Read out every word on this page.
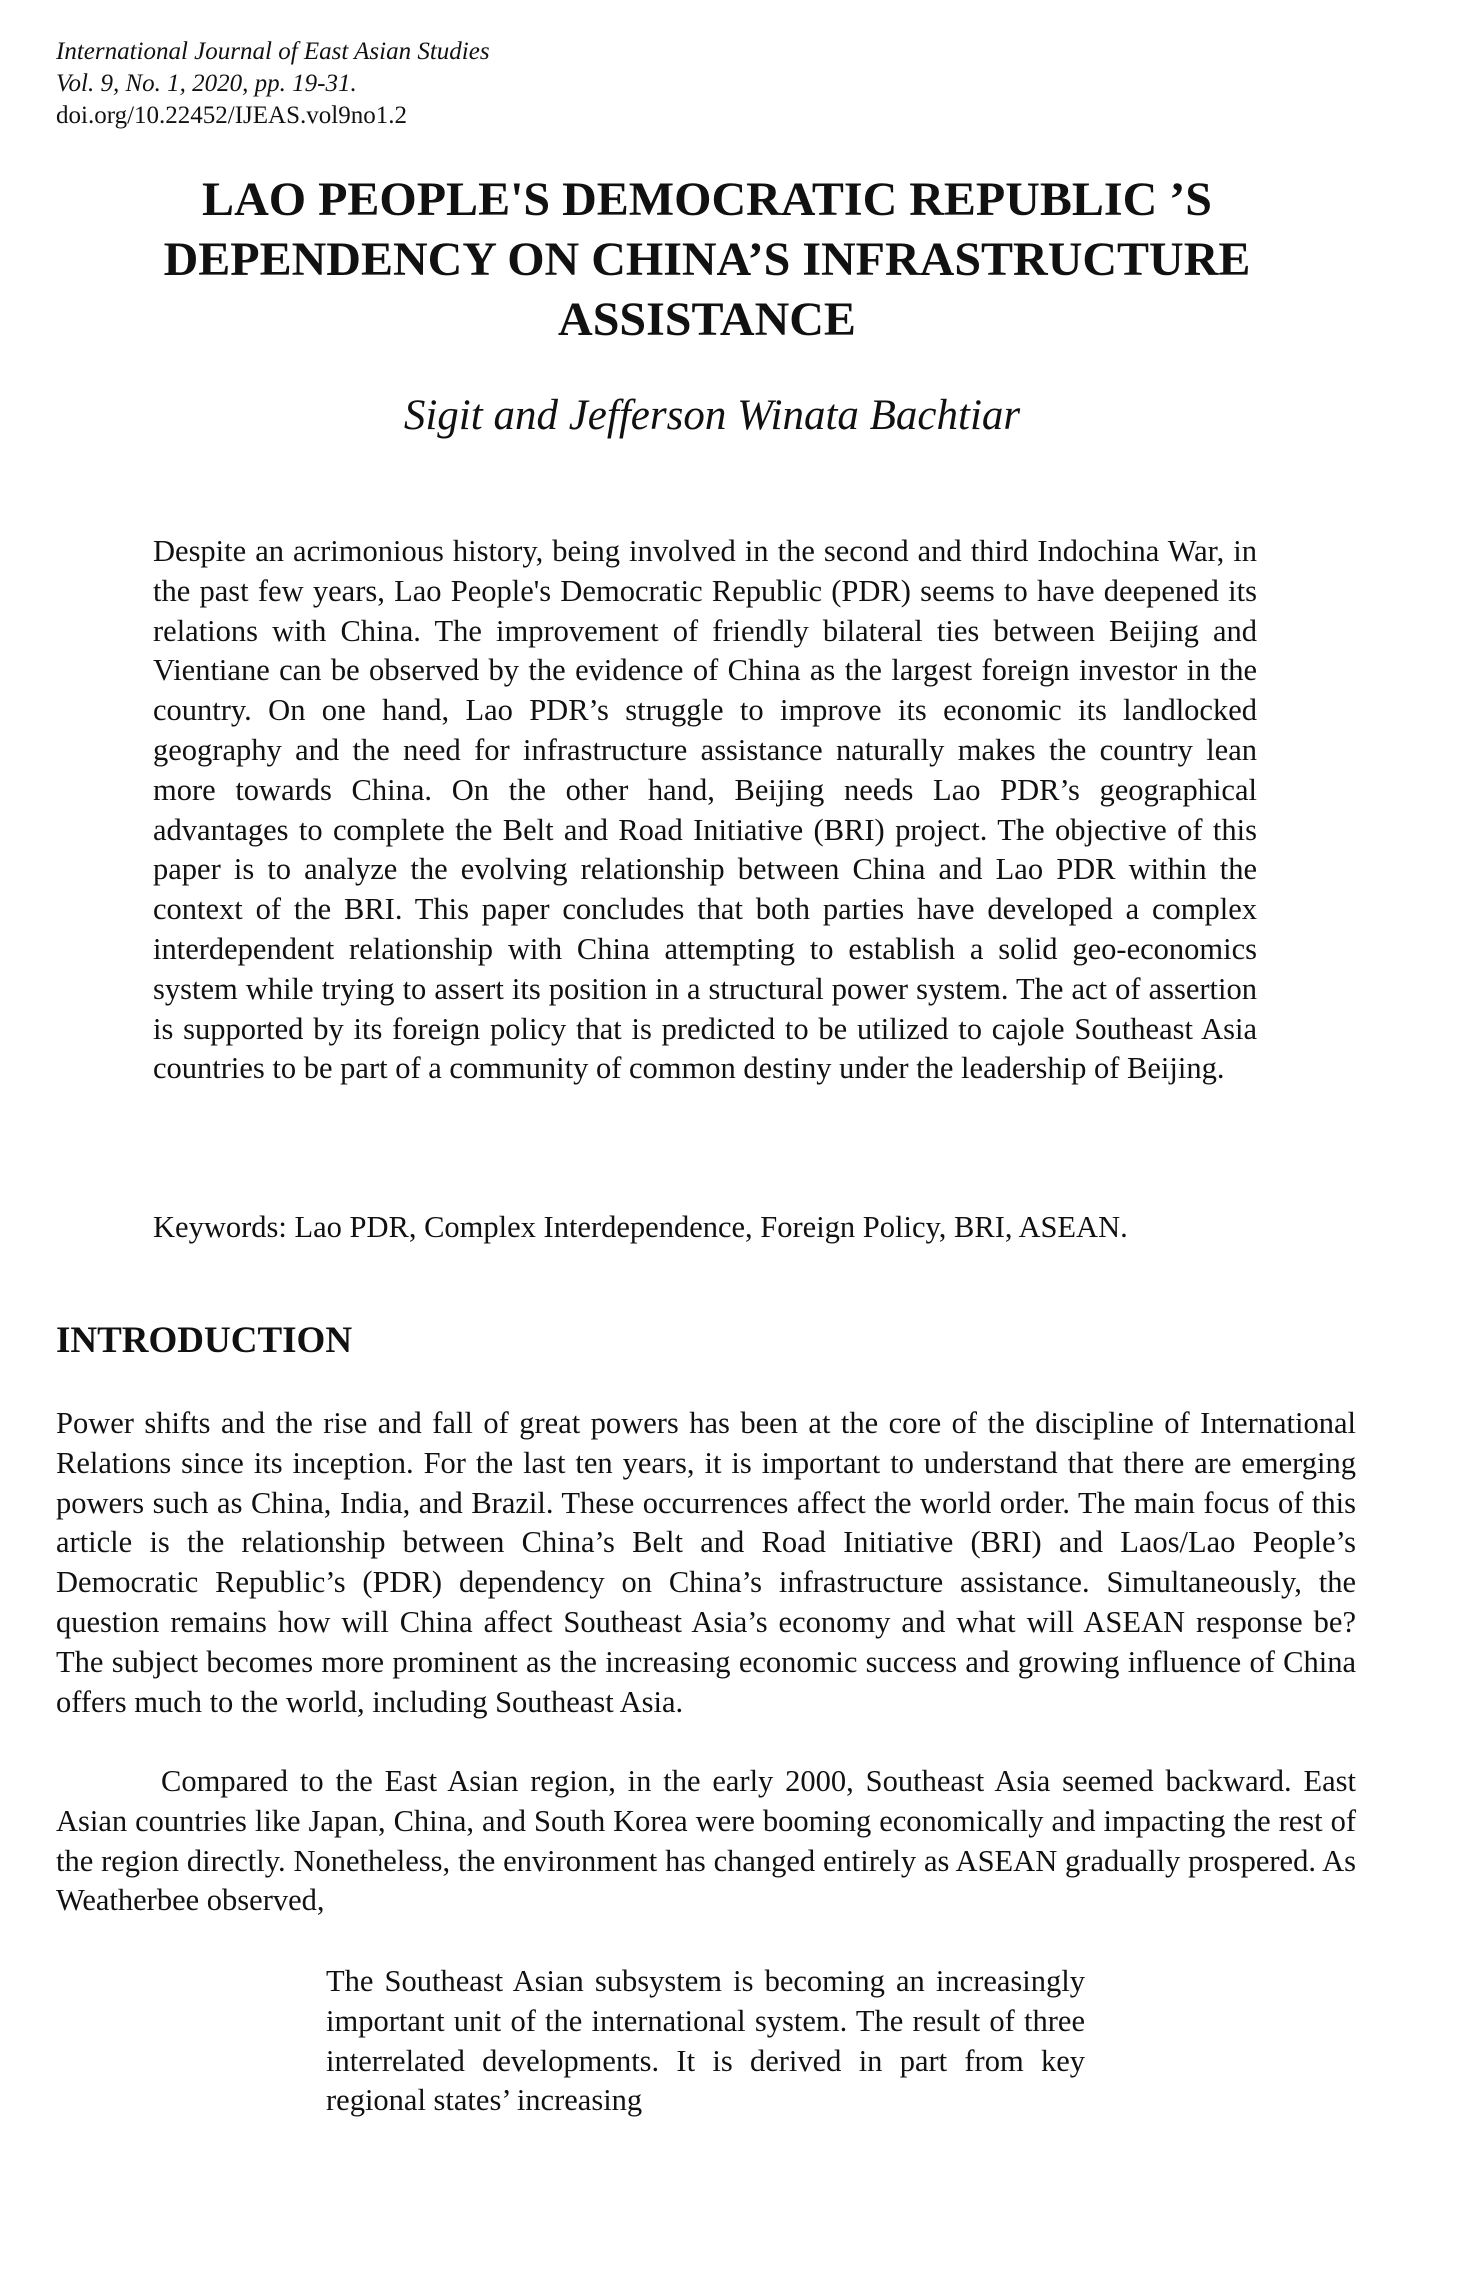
International Journal of East Asian Studies
Vol. 9, No. 1, 2020, pp. 19-31.
doi.org/10.22452/IJEAS.vol9no1.2
LAO PEOPLE'S DEMOCRATIC REPUBLIC ’S
DEPENDENCY ON CHINA’S INFRASTRUCTURE
ASSISTANCE
Sigit and Jefferson Winata Bachtiar

Despite an acrimonious history, being involved in the second and third Indochina War, in the past few years, Lao People's Democratic Republic (PDR) seems to have deepened its relations with China. The improvement of friendly bilateral ties between Beijing and Vientiane can be observed by the evidence of China as the largest foreign investor in the country. On one hand, Lao PDR’s struggle to improve its economic its landlocked geography and the need for infrastructure assistance naturally makes the country lean more towards China. On the other hand, Beijing needs Lao PDR’s geographical advantages to complete the Belt and Road Initiative (BRI) project. The objective of this paper is to analyze the evolving relationship between China and Lao PDR within the context of the BRI. This paper concludes that both parties have developed a complex interdependent relationship with China attempting to establish a solid geo-economics system while trying to assert its position in a structural power system. The act of assertion is supported by its foreign policy that is predicted to be utilized to cajole Southeast Asia countries to be part of a community of common destiny under the leadership of Beijing.

Keywords: Lao PDR, Complex Interdependence, Foreign Policy, BRI, ASEAN.

INTRODUCTION

Power shifts and the rise and fall of great powers has been at the core of the discipline of International Relations since its inception. For the last ten years, it is important to understand that there are emerging powers such as China, India, and Brazil. These occurrences affect the world order. The main focus of this article is the relationship between China’s Belt and Road Initiative (BRI) and Laos/Lao People’s Democratic Republic’s (PDR) dependency on China’s infrastructure assistance. Simultaneously, the question remains how will China affect Southeast Asia’s economy and what will ASEAN response be? The subject becomes more prominent as the increasing economic success and growing influence of China offers much to the world, including Southeast Asia.

Compared to the East Asian region, in the early 2000, Southeast Asia seemed backward. East Asian countries like Japan, China, and South Korea were booming economically and impacting the rest of the region directly. Nonetheless, the environment has changed entirely as ASEAN gradually prospered. As Weatherbee observed,

The Southeast Asian subsystem is becoming an increasingly important unit of the international system. The result of three interrelated developments. It is derived in part from key regional states’ increasing
